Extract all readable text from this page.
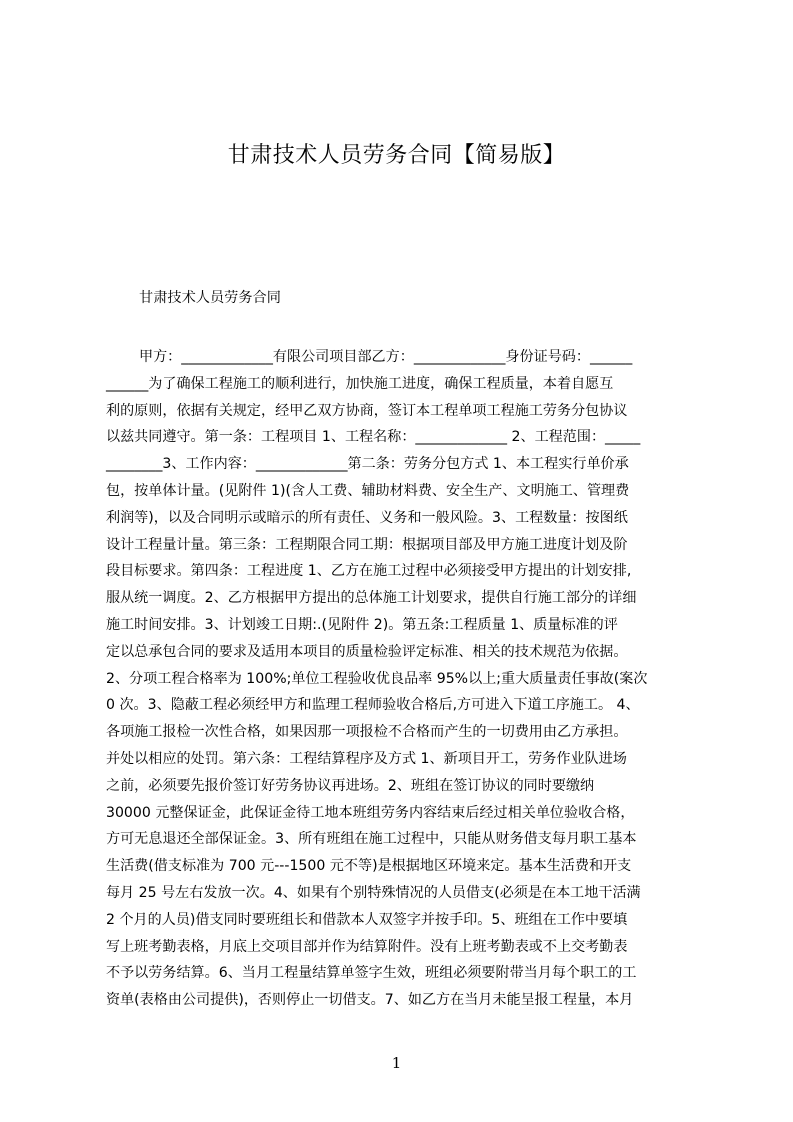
甘肃技术人员劳务合同【简易版】
甘肃技术人员劳务合同
甲方：_____________有限公司项目部乙方：_____________身份证号码：______
______为了确保工程施工的顺利进行，加快施工进度，确保工程质量，本着自愿互
利的原则，依据有关规定，经甲乙双方协商，签订本工程单项工程施工劳务分包协议
以兹共同遵守。第一条：工程项目 1、工程名称：_____________ 2、工程范围：_____
________3、工作内容：_____________第二条：劳务分包方式 1、本工程实行单价承
包，按单体计量。(见附件 1)(含人工费、辅助材料费、安全生产、文明施工、管理费
利润等)，以及合同明示或暗示的所有责任、义务和一般风险。3、工程数量：按图纸
设计工程量计量。第三条：工程期限合同工期：根据项目部及甲方施工进度计划及阶
段目标要求。第四条：工程进度 1、乙方在施工过程中必须接受甲方提出的计划安排,
服从统一调度。2、乙方根据甲方提出的总体施工计划要求，提供自行施工部分的详细
施工时间安排。3、计划竣工日期:.(见附件 2)。第五条:工程质量 1、质量标准的评
定以总承包合同的要求及适用本项目的质量检验评定标准、相关的技术规范为依据。
2、分项工程合格率为 100%;单位工程验收优良品率 95%以上;重大质量责任事故(案次
0 次。3、隐蔽工程必须经甲方和监理工程师验收合格后,方可进入下道工序施工。 4、
各项施工报检一次性合格，如果因那一项报检不合格而产生的一切费用由乙方承担。
并处以相应的处罚。第六条：工程结算程序及方式 1、新项目开工，劳务作业队进场
之前，必须要先报价签订好劳务协议再进场。2、班组在签订协议的同时要缴纳
30000 元整保证金，此保证金待工地本班组劳务内容结束后经过相关单位验收合格，
方可无息退还全部保证金。3、所有班组在施工过程中，只能从财务借支每月职工基本
生活费(借支标准为 700 元---1500 元不等)是根据地区环境来定。基本生活费和开支
每月 25 号左右发放一次。4、如果有个别特殊情况的人员借支(必须是在本工地干活满
2 个月的人员)借支同时要班组长和借款本人双签字并按手印。5、班组在工作中要填
写上班考勤表格，月底上交项目部并作为结算附件。没有上班考勤表或不上交考勤表
不予以劳务结算。6、当月工程量结算单签字生效，班组必须要附带当月每个职工的工
资单(表格由公司提供)，否则停止一切借支。7、如乙方在当月未能呈报工程量，本月
1
